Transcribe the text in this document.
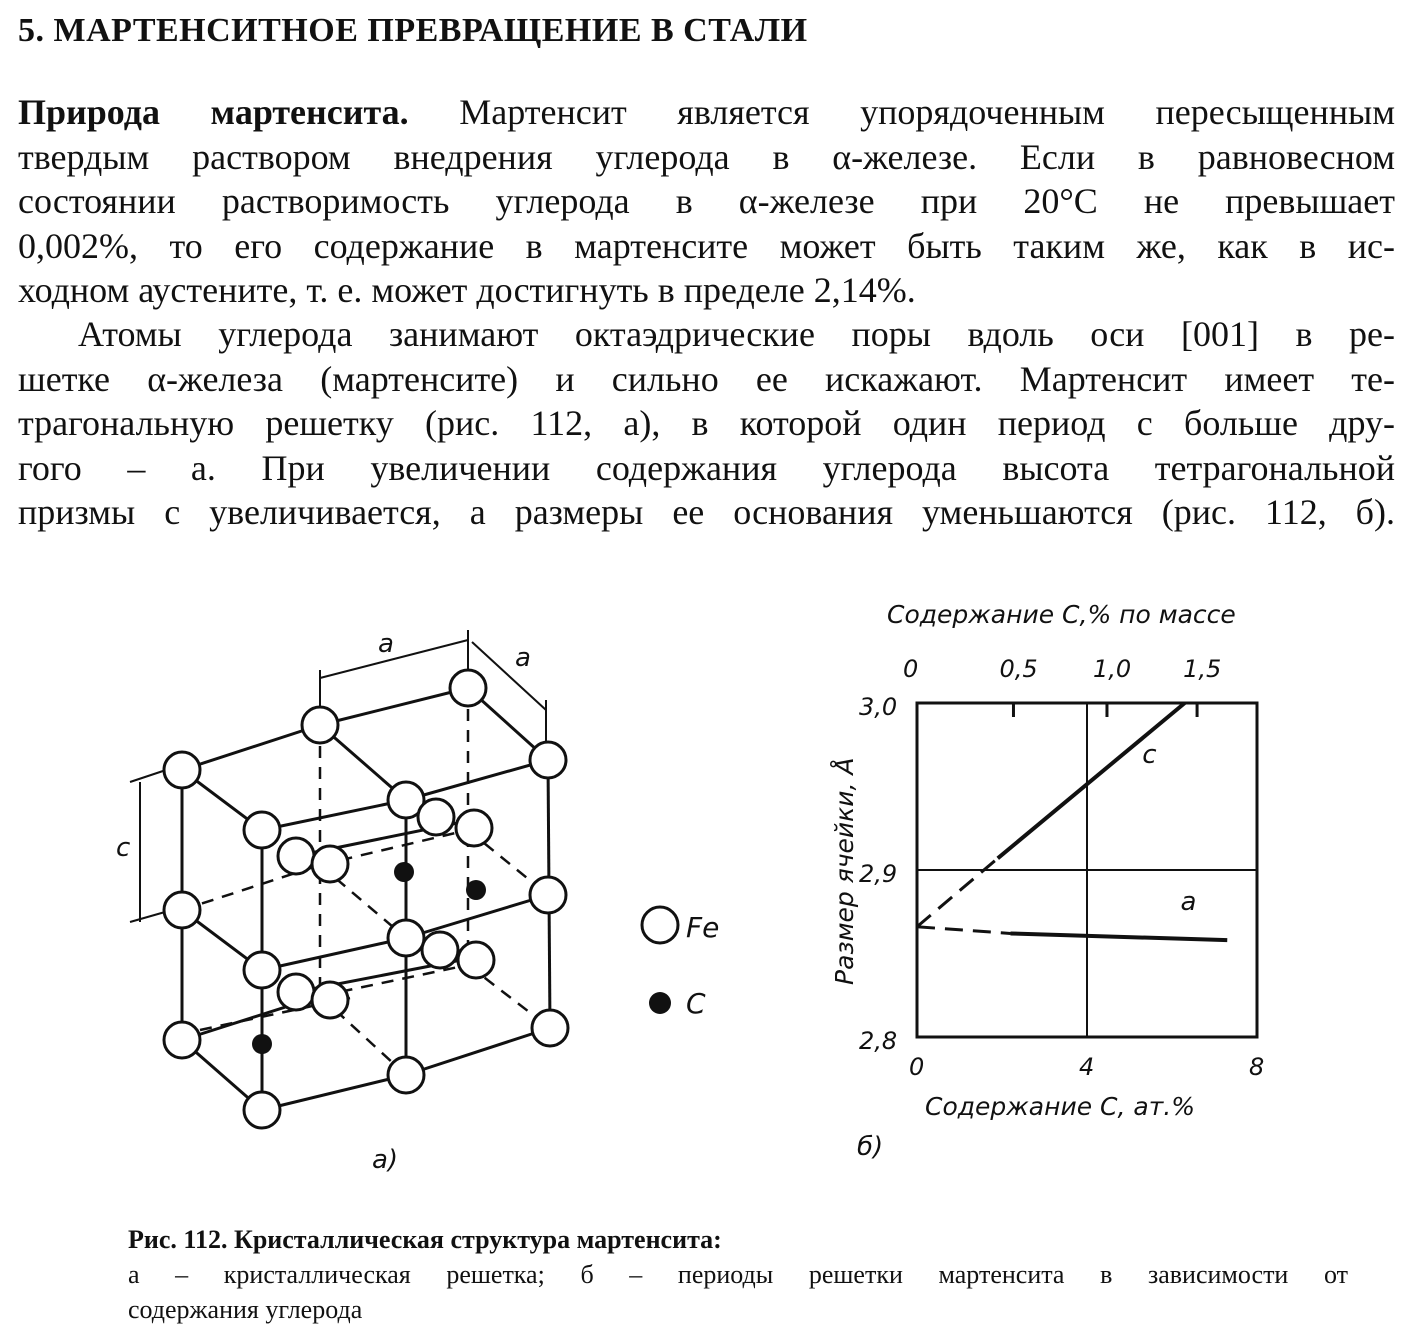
5. МАРТЕНСИТНОЕ ПРЕВРАЩЕНИЕ В СТАЛИ
Природа мартенсита. Мартенсит является упорядоченным пересыщенным
твердым раствором внедрения углерода в α-железе. Если в равновесном
состоянии растворимость углерода в α-железе при 20°С не превышает
0,002%, то его содержание в мартенсите может быть таким же, как в ис-
ходном аустените, т. е. может достигнуть в пределе 2,14%.
Атомы углерода занимают октаэдрические поры вдоль оси [001] в ре-
шетке α-железа (мартенсите) и сильно ее искажают. Мартенсит имеет те-
трагональную решетку (рис. 112, а), в которой один период с больше дру-
гого – а. При увеличении содержания углерода высота тетрагональной
призмы с увеличивается, а размеры ее основания уменьшаются (рис. 112, б).
a	a
c
а)
Fe
C
Содержание С,% по массе
c
a
0	4	8
2,8
2,9
3,0
0	0,5 1,0 1,5
Размер ячейки, Å
Содержание С, ат.%
б)
Рис. 112. Кристаллическая структура мартенсита:
а – кристаллическая решетка; б – периоды решетки мартенсита в зависимости от
содержания углерода
